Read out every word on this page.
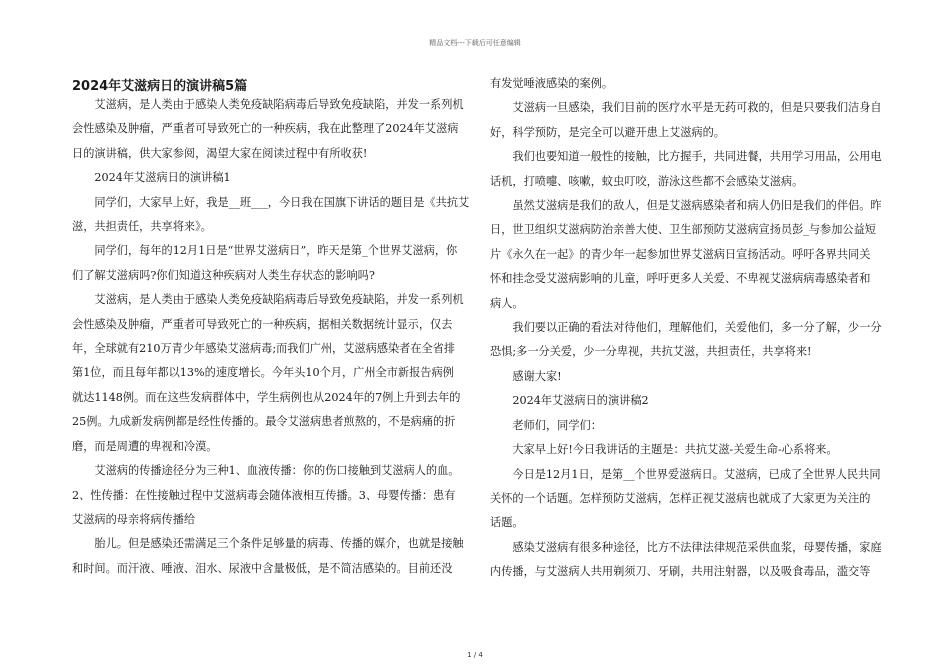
精品文档---下载后可任意编辑
2024年艾滋病日的演讲稿5篇

　　艾滋病，是人类由于感染人类免疫缺陷病毒后导致免疫缺陷，并发一系列机

会性感染及肿瘤，严重者可导致死亡的一种疾病，我在此整理了2024年艾滋病

日的演讲稿，供大家参阅，渴望大家在阅读过程中有所收获!

　　2024年艾滋病日的演讲稿1

　　同学们，大家早上好，我是__班___，今日我在国旗下讲话的题目是《共抗艾

滋，共担责任，共享将来》。

　　同学们，每年的12月1日是“世界艾滋病日”，昨天是第_个世界艾滋病，你

们了解艾滋病吗?你们知道这种疾病对人类生存状态的影响吗?

　　艾滋病，是人类由于感染人类免疫缺陷病毒后导致免疫缺陷，并发一系列机

会性感染及肿瘤，严重者可导致死亡的一种疾病，据相关数据统计显示，仅去

年，全球就有210万青少年感染艾滋病毒;而我们广州，艾滋病感染者在全省排

第1位，而且每年都以13%的速度增长。今年头10个月，广州全市新报告病例

就达1148例。而在这些发病群体中，学生病例也从2024年的7例上升到去年的

25例。九成新发病例都是经性传播的。最令艾滋病患者煎熬的，不是病痛的折

磨，而是周遭的卑视和冷漠。

　　艾滋病的传播途径分为三种1、血液传播：你的伤口接触到艾滋病人的血。

2、性传播：在性接触过程中艾滋病毒会随体液相互传播。3、母婴传播：患有

艾滋病的母亲将病传播给

　　胎儿。但是感染还需满足三个条件足够量的病毒、传播的媒介，也就是接触

和时间。而汗液、唾液、泪水、尿液中含量极低，是不简洁感染的。目前还没

有发觉唾液感染的案例。

　　艾滋病一旦感染，我们目前的医疗水平是无药可救的，但是只要我们洁身自

好，科学预防，是完全可以避开患上艾滋病的。

　　我们也要知道一般性的接触，比方握手，共同进餐，共用学习用品，公用电

话机，打喷嚏、咳嗽，蚊虫叮咬，游泳这些都不会感染艾滋病。

　　虽然艾滋病是我们的敌人，但是艾滋病感染者和病人仍旧是我们的伴侣。昨

日，世卫组织艾滋病防治亲善大使、卫生部预防艾滋病宣扬员彭_与参加公益短

片《永久在一起》的青少年一起参加世界艾滋病日宣扬活动。呼吁各界共同关

怀和挂念受艾滋病影响的儿童，呼吁更多人关爱、不卑视艾滋病病毒感染者和

病人。

　　我们要以正确的看法对待他们，理解他们，关爱他们，多一分了解，少一分

恐惧;多一分关爱，少一分卑视，共抗艾滋，共担责任，共享将来!

　　感谢大家!

　　2024年艾滋病日的演讲稿2

　　老师们，同学们：

　　大家早上好!今日我讲话的主题是：共抗艾滋-关爱生命-心系将来。

　　今日是12月1日，是第__个世界爱滋病日。艾滋病，已成了全世界人民共同

关怀的一个话题。怎样预防艾滋病，怎样正视艾滋病也就成了大家更为关注的

话题。

　　感染艾滋病有很多种途径，比方不法律法律规范采供血浆，母婴传播，家庭

内传播，与艾滋病人共用剃须刀、牙刷，共用注射器，以及吸食毒品，滥交等

1 / 4
